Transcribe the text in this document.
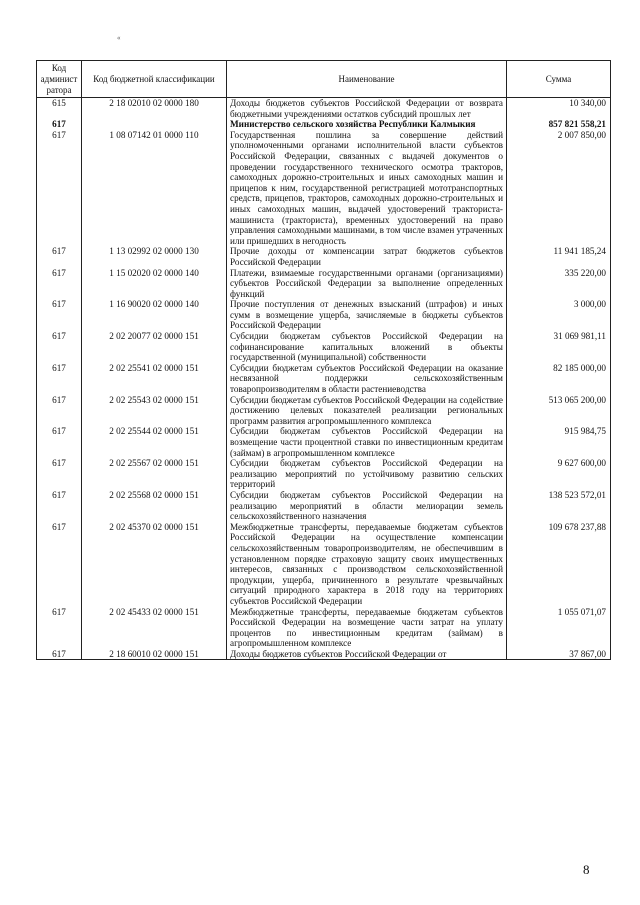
«
Код админист ратора	Код бюджетной классификации	Наименование	Сумма
615	2 18 02010 02 0000 180	Доходы бюджетов субъектов Российской Федерации от возврата бюджетными учреждениями остатков субсидий прошлых лет	10 340,00
617		Министерство сельского хозяйства Республики Калмыкия	857 821 558,21
617	1 08 07142 01 0000 110	Государственная пошлина за совершение действий уполномоченными органами исполнительной власти субъектов Российской Федерации, связанных с выдачей документов о проведении государственного технического осмотра тракторов, самоходных дорожно-строительных и иных самоходных машин и прицепов к ним, государственной регистрацией мототранспортных средств, прицепов, тракторов, самоходных дорожно-строительных и иных самоходных машин, выдачей удостоверений тракториста-машиниста (тракториста), временных удостоверений на право управления самоходными машинами, в том числе взамен утраченных или пришедших в негодность	2 007 850,00
617	1 13 02992 02 0000 130	Прочие доходы от компенсации затрат бюджетов субъектов Российской Федерации	11 941 185,24
617	1 15 02020 02 0000 140	Платежи, взимаемые государственными органами (организациями) субъектов Российской Федерации за выполнение определенных функций	335 220,00
617	1 16 90020 02 0000 140	Прочие поступления от денежных взысканий (штрафов) и иных сумм в возмещение ущерба, зачисляемые в бюджеты субъектов Российской Федерации	3 000,00
617	2 02 20077 02 0000 151	Субсидии бюджетам субъектов Российской Федерации на софинансирование капитальных вложений в объекты государственной (муниципальной) собственности	31 069 981,11
617	2 02 25541 02 0000 151	Субсидии бюджетам субъектов Российской Федерации на оказание несвязанной поддержки сельскохозяйственным товаропроизводителям в области растениеводства	82 185 000,00
617	2 02 25543 02 0000 151	Субсидии бюджетам субъектов Российской Федерации на содействие достижению целевых показателей реализации региональных программ развития агропромышленного комплекса	513 065 200,00
617	2 02 25544 02 0000 151	Субсидии бюджетам субъектов Российской Федерации на возмещение части процентной ставки по инвестиционным кредитам (займам) в агропромышленном комплексе	915 984,75
617	2 02 25567 02 0000 151	Субсидии бюджетам субъектов Российской Федерации на реализацию мероприятий по устойчивому развитию сельских территорий	9 627 600,00
617	2 02 25568 02 0000 151	Субсидии бюджетам субъектов Российской Федерации на реализацию мероприятий в области мелиорации земель сельскохозяйственного назначения	138 523 572,01
617	2 02 45370 02 0000 151	Межбюджетные трансферты, передаваемые бюджетам субъектов Российской Федерации на осуществление компенсации сельскохозяйственным товаропроизводителям, не обеспечившим в установленном порядке страховую защиту своих имущественных интересов, связанных с производством сельскохозяйственной продукции, ущерба, причиненного в результате чрезвычайных ситуаций природного характера в 2018 году на территориях субъектов Российской Федерации	109 678 237,88
617	2 02 45433 02 0000 151	Межбюджетные трансферты, передаваемые бюджетам субъектов Российской Федерации на возмещение части затрат на уплату процентов по инвестиционным кредитам (займам) в агропромышленном комплексе	1 055 071,07
617	2 18 60010 02 0000 151	Доходы бюджетов субъектов Российской Федерации от	37 867,00
8
